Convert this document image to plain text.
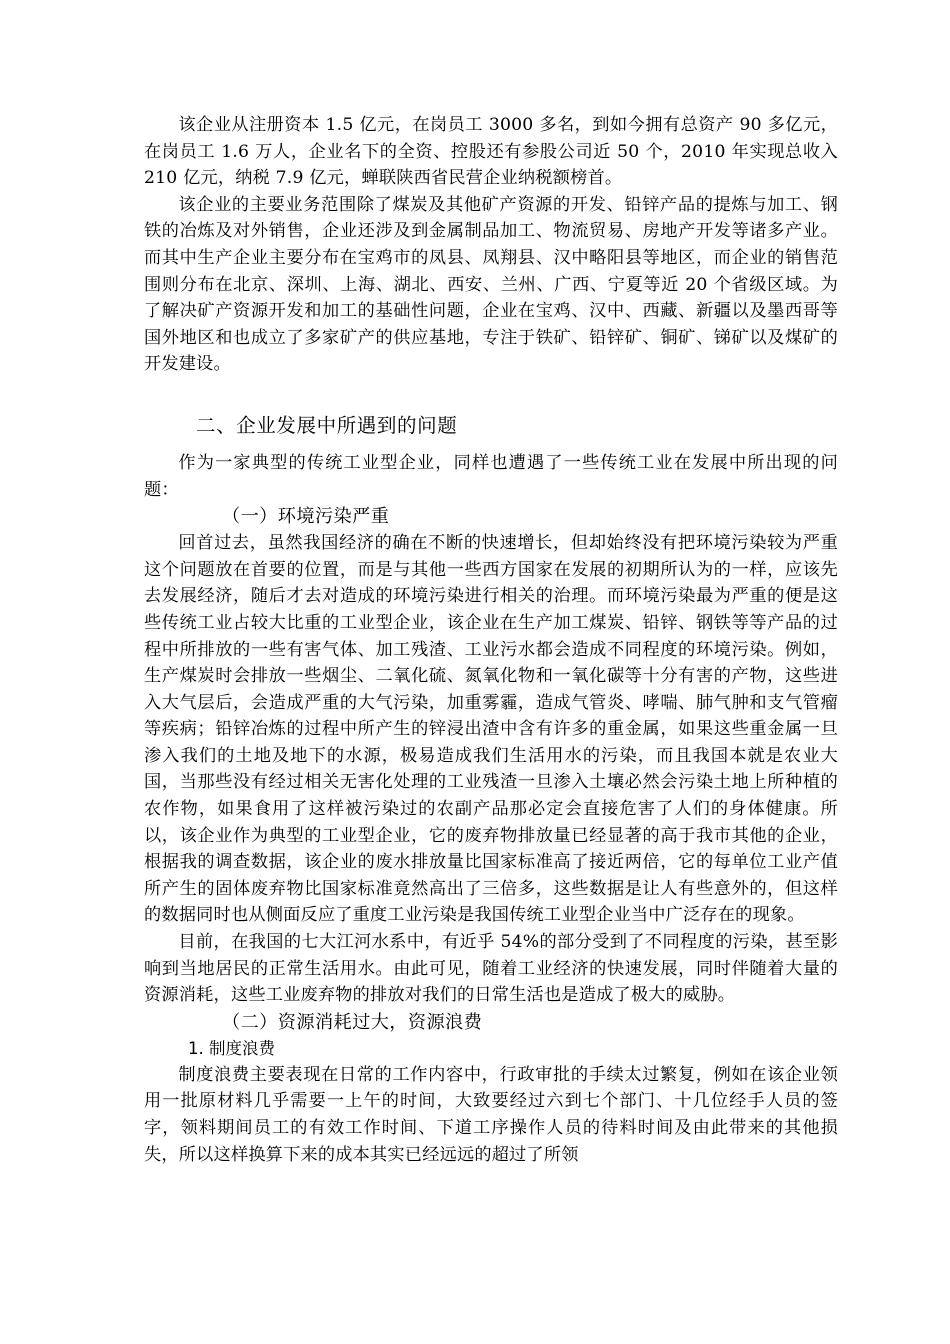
该企业从注册资本 1.5 亿元，在岗员工 3000 多名，到如今拥有总资产 90 多亿元，在岗员工 1.6 万人，企业名下的全资、控股还有参股公司近 50 个，2010 年实现总收入 210 亿元，纳税 7.9 亿元，蝉联陕西省民营企业纳税额榜首。

该企业的主要业务范围除了煤炭及其他矿产资源的开发、铅锌产品的提炼与加工、钢铁的冶炼及对外销售，企业还涉及到金属制品加工、物流贸易、房地产开发等诸多产业。而其中生产企业主要分布在宝鸡市的凤县、凤翔县、汉中略阳县等地区，而企业的销售范围则分布在北京、深圳、上海、湖北、西安、兰州、广西、宁夏等近 20 个省级区域。为了解决矿产资源开发和加工的基础性问题，企业在宝鸡、汉中、西藏、新疆以及墨西哥等国外地区和也成立了多家矿产的供应基地，专注于铁矿、铅锌矿、铜矿、锑矿以及煤矿的开发建设。

二、企业发展中所遇到的问题

作为一家典型的传统工业型企业，同样也遭遇了一些传统工业在发展中所出现的问题：

（一）环境污染严重

回首过去，虽然我国经济的确在不断的快速增长，但却始终没有把环境污染较为严重这个问题放在首要的位置，而是与其他一些西方国家在发展的初期所认为的一样，应该先去发展经济，随后才去对造成的环境污染进行相关的治理。而环境污染最为严重的便是这些传统工业占较大比重的工业型企业，该企业在生产加工煤炭、铅锌、钢铁等等产品的过程中所排放的一些有害气体、加工残渣、工业污水都会造成不同程度的环境污染。例如，生产煤炭时会排放一些烟尘、二氧化硫、氮氧化物和一氧化碳等十分有害的产物，这些进入大气层后，会造成严重的大气污染，加重雾霾，造成气管炎、哮喘、肺气肿和支气管瘤等疾病；铅锌冶炼的过程中所产生的锌浸出渣中含有许多的重金属，如果这些重金属一旦渗入我们的土地及地下的水源，极易造成我们生活用水的污染，而且我国本就是农业大国，当那些没有经过相关无害化处理的工业残渣一旦渗入土壤必然会污染土地上所种植的农作物，如果食用了这样被污染过的农副产品那必定会直接危害了人们的身体健康。所以，该企业作为典型的工业型企业，它的废弃物排放量已经显著的高于我市其他的企业，根据我的调查数据，该企业的废水排放量比国家标准高了接近两倍，它的每单位工业产值所产生的固体废弃物比国家标准竟然高出了三倍多，这些数据是让人有些意外的，但这样的数据同时也从侧面反应了重度工业污染是我国传统工业型企业当中广泛存在的现象。

目前，在我国的七大江河水系中，有近乎 54%的部分受到了不同程度的污染，甚至影响到当地居民的正常生活用水。由此可见，随着工业经济的快速发展，同时伴随着大量的资源消耗，这些工业废弃物的排放对我们的日常生活也是造成了极大的威胁。

（二）资源消耗过大，资源浪费
1. 制度浪费

制度浪费主要表现在日常的工作内容中，行政审批的手续太过繁复，例如在该企业领用一批原材料几乎需要一上午的时间，大致要经过六到七个部门、十几位经手人员的签字，领料期间员工的有效工作时间、下道工序操作人员的待料时间及由此带来的其他损失，所以这样换算下来的成本其实已经远远的超过了所领
